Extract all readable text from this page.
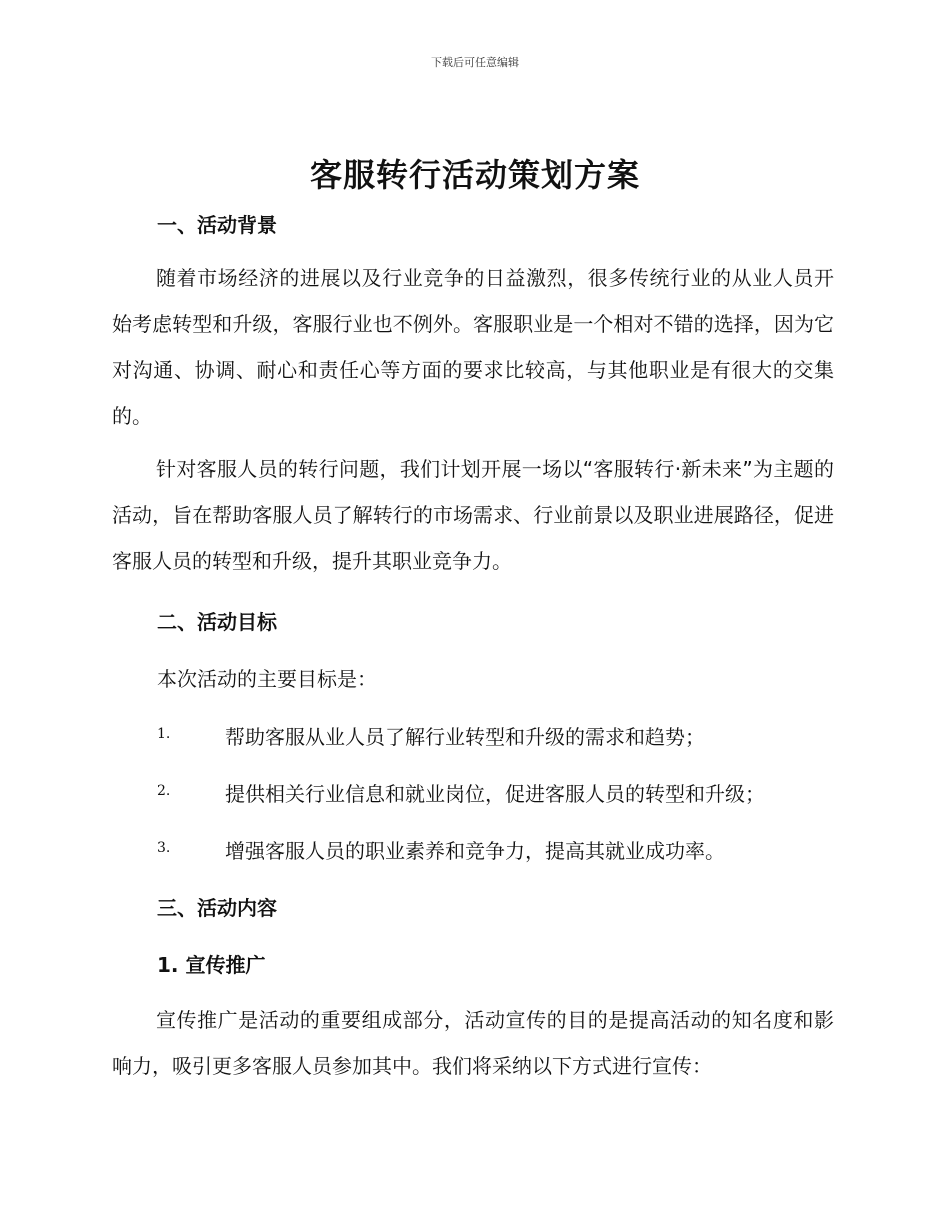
下载后可任意编辑
客服转行活动策划方案
一、活动背景

随着市场经济的进展以及行业竞争的日益激烈，很多传统行业的从业人员开始考虑转型和升级，客服行业也不例外。客服职业是一个相对不错的选择，因为它对沟通、协调、耐心和责任心等方面的要求比较高，与其他职业是有很大的交集的。

针对客服人员的转行问题，我们计划开展一场以“客服转行·新未来”为主题的活动，旨在帮助客服人员了解转行的市场需求、行业前景以及职业进展路径，促进客服人员的转型和升级，提升其职业竞争力。

二、活动目标

本次活动的主要目标是：

1.	帮助客服从业人员了解行业转型和升级的需求和趋势；
2.	提供相关行业信息和就业岗位，促进客服人员的转型和升级；
3.	增强客服人员的职业素养和竞争力，提高其就业成功率。
三、活动内容
1. 宣传推广

宣传推广是活动的重要组成部分，活动宣传的目的是提高活动的知名度和影响力，吸引更多客服人员参加其中。我们将采纳以下方式进行宣传：
